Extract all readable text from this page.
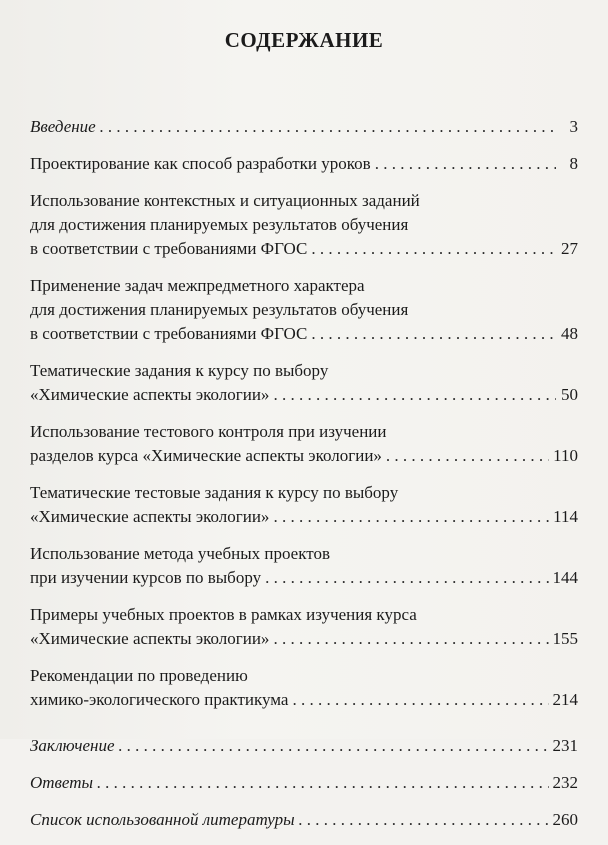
СОДЕРЖАНИЕ
Введение . . .	3
Проектирование как способ разработки уроков . . .	8
Использование контекстных и ситуационных заданий
для достижения планируемых результатов обучения
в соответствии с требованиями ФГОС . . .	27
Применение задач межпредметного характера
для достижения планируемых результатов обучения
в соответствии с требованиями ФГОС . . .	48
Тематические задания к курсу по выбору
«Химические аспекты экологии» . . .	50
Использование тестового контроля при изучении
разделов курса «Химические аспекты экологии» . . .	110
Тематические тестовые задания к курсу по выбору
«Химические аспекты экологии» . . .	114
Использование метода учебных проектов
при изучении курсов по выбору . . .	144
Примеры учебных проектов в рамках изучения курса
«Химические аспекты экологии» . . .	155
Рекомендации по проведению
химико-экологического практикума . . .	214
Заключение . . .	231
Ответы . . .	232
Список использованной литературы . . .	260
